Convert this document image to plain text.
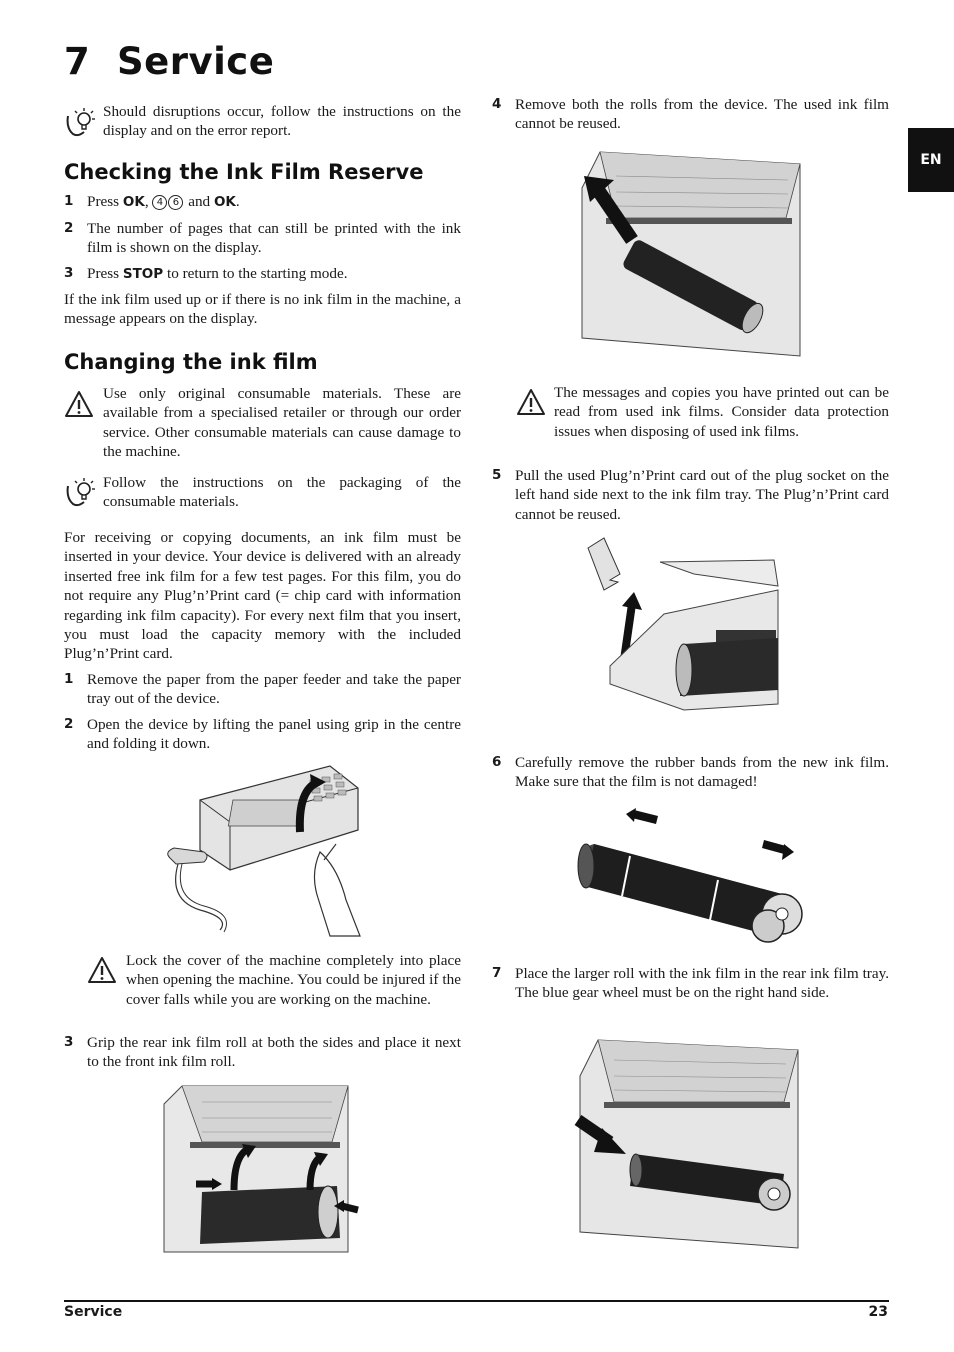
7 Service

Should disruptions occur, follow the instructions on the display and on the error report.

Checking the Ink Film Reserve
1 Press OK, 4 6 and OK.
2 The number of pages that can still be printed with the ink film is shown on the display.
3 Press STOP to return to the starting mode.

If the ink film used up or if there is no ink film in the machine, a message appears on the display.

Changing the ink film

Use only original consumable materials. These are available from a specialised retailer or through our order service. Other consumable materials can cause damage to the machine.

Follow the instructions on the packaging of the consumable materials.

For receiving or copying documents, an ink film must be inserted in your device. Your device is delivered with an already inserted free ink film for a few test pages. For this film, you do not require any Plug’n’Print card (= chip card with information regarding ink film capacity). For every next film that you insert, you must load the capacity memory with the included Plug’n’Print card.

1 Remove the paper from the paper feeder and take the paper tray out of the device.
2 Open the device by lifting the panel using grip in the centre and folding it down.

Lock the cover of the machine completely into place when opening the machine. You could be injured if the cover falls while you are working on the machine.

3 Grip the rear ink film roll at both the sides and place it next to the front ink film roll.
4 Remove both the rolls from the device. The used ink film cannot be reused.

The messages and copies you have printed out can be read from used ink films. Consider data protection issues when disposing of used ink films.

5 Pull the used Plug’n’Print card out of the plug socket on the left hand side next to the ink film tray. The Plug’n’Print card cannot be reused.
6 Carefully remove the rubber bands from the new ink film. Make sure that the film is not damaged!
7 Place the larger roll with the ink film in the rear ink film tray. The blue gear wheel must be on the right hand side.
EN
Service	23
